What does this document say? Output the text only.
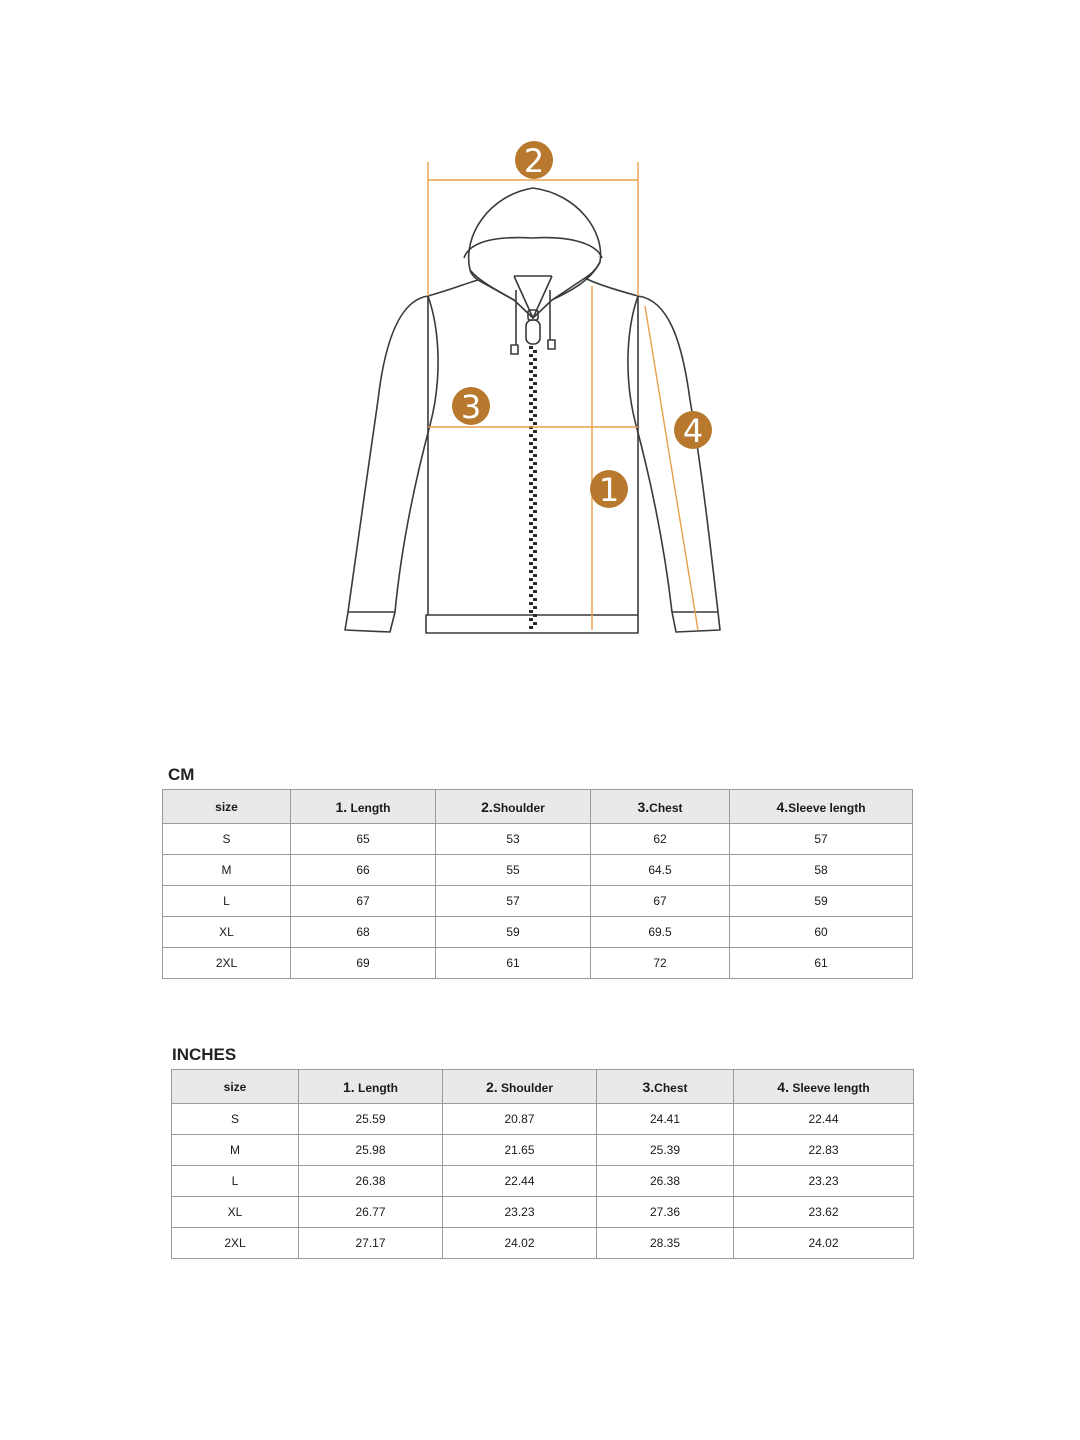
2
3
4
1
CM
size	1. Length	2.Shoulder	3.Chest	4.Sleeve length
S	65	53	62	57
M	66	55	64.5	58
L	67	57	67	59
XL	68	59	69.5	60
2XL	69	61	72	61
INCHES
size	1. Length	2. Shoulder	3.Chest	4. Sleeve length
S	25.59	20.87	24.41	22.44
M	25.98	21.65	25.39	22.83
L	26.38	22.44	26.38	23.23
XL	26.77	23.23	27.36	23.62
2XL	27.17	24.02	28.35	24.02
